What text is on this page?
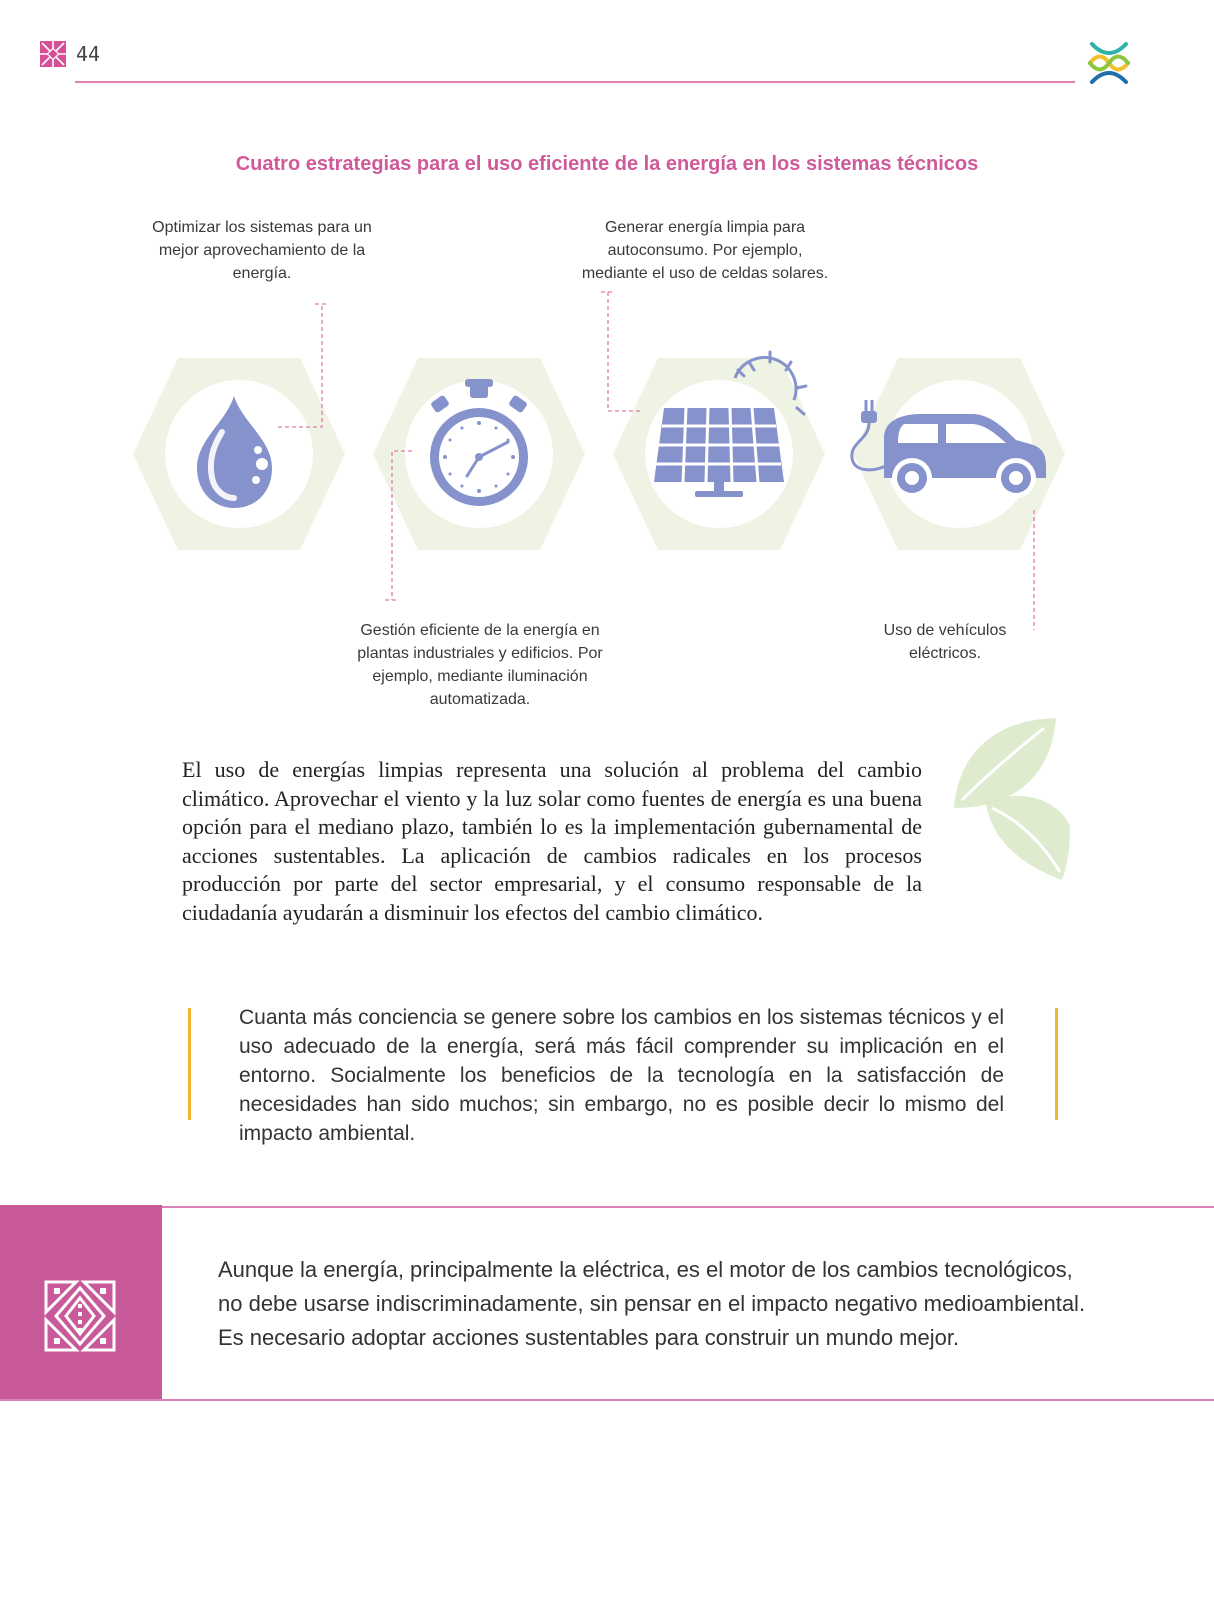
44
Cuatro estrategias para el uso eficiente de la energía en los sistemas técnicos
Optimizar los sistemas para un mejor aprovechamiento de la energía.
Generar energía limpia para autoconsumo. Por ejemplo, mediante el uso de celdas solares.
Gestión eficiente de la energía en plantas industriales y edificios. Por ejemplo, mediante iluminación automatizada.
Uso de vehículos eléctricos.
El uso de energías limpias representa una solución al problema del cambio climático. Aprovechar el viento y la luz solar como fuentes de energía es una buena opción para el mediano plazo, también lo es la implementación gubernamental de acciones sustentables. La aplicación de cambios radicales en los procesos producción por parte del sector empresarial, y el consumo responsable de la ciudadanía ayudarán a disminuir los efectos del cambio climático.
Cuanta más conciencia se genere sobre los cambios en los sistemas técnicos y el uso adecuado de la energía, será más fácil comprender su implicación en el entorno. Socialmente los beneficios de la tecnología en la satisfacción de necesidades han sido muchos; sin embargo, no es posible decir lo mismo del impacto ambiental.
Aunque la energía, principalmente la eléctrica, es el motor de los cambios tecnológicos, no debe usarse indiscriminadamente, sin pensar en el impacto negativo medioambiental. Es necesario adoptar acciones sustentables para construir un mundo mejor.
